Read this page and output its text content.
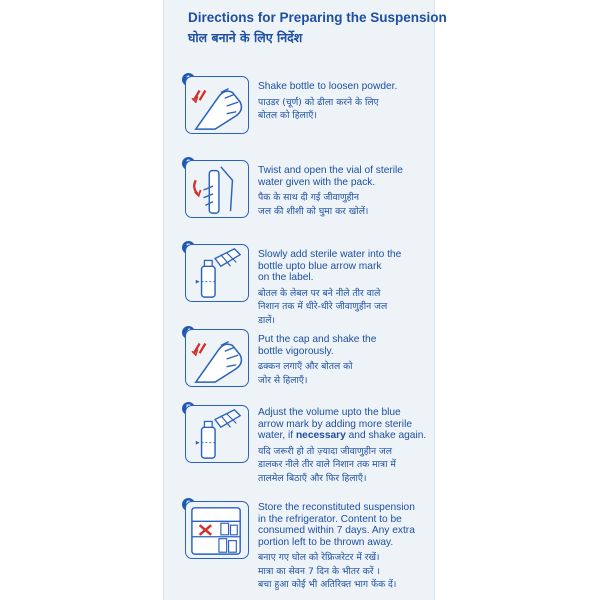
Directions for Preparing the Suspension
घोल बनाने के लिए निर्देश
Shake bottle to loosen powder.
पाउडर (चूर्ण) को ढीला करने के लिए
बोतल को हिलाएँ।
Twist and open the vial of sterile
water given with the pack.
पैक के साथ दी गई जीवाणुहीन
जल की शीशी को घुमा कर खोलें।
Slowly add sterile water into the
bottle upto blue arrow mark
on the label.
बोतल के लेबल पर बने नीले तीर वाले
निशान तक में धीरे-धीरे जीवाणुहीन जल
डालें।
Put the cap and shake the
bottle vigorously.
ढक्कन लगाएँ और बोतल को
जोर से हिलाएँ।
Adjust the volume upto the blue
arrow mark by adding more sterile
water, if necessary and shake again.
यदि जरूरी हो तो ज़्यादा जीवाणुहीन जल
डालकर नीले तीर वाले निशान तक मात्रा में
तालमेल बिठाएँ और फिर हिलाएँ।
Store the reconstituted suspension
in the refrigerator. Content to be
consumed within 7 days. Any extra
portion left to be thrown away.
बनाए गए घोल को रेफ्रिजरेटर में रखें।
मात्रा का सेवन 7 दिन के भीतर करें ।
बचा हुआ कोई भी अतिरिक्त भाग फेंक दें।
